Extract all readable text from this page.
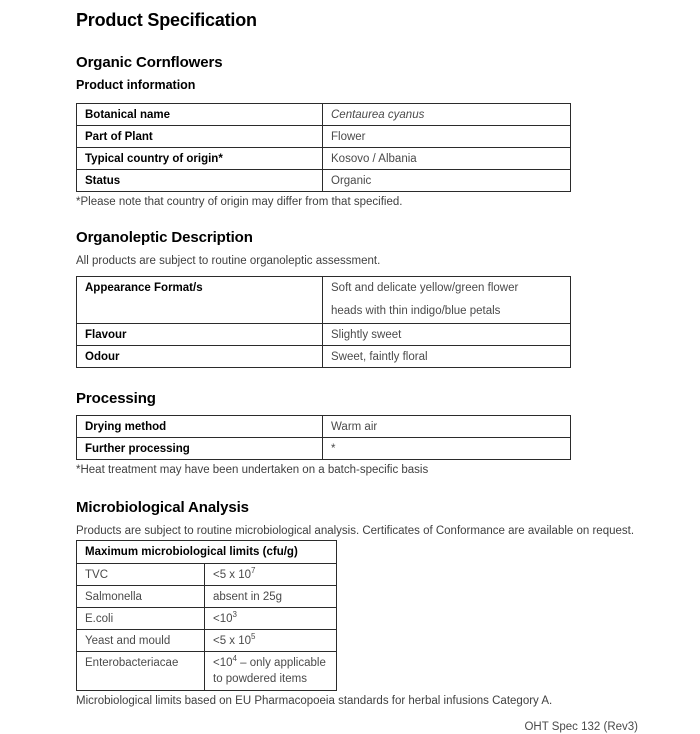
Product Specification
Organic Cornflowers
Product information
Botanical name	Centaurea cyanus
Part of Plant	Flower
Typical country of origin*	Kosovo / Albania
Status	Organic
*Please note that country of origin may differ from that specified.
Organoleptic Description
All products are subject to routine organoleptic assessment.
Appearance Format/s	Soft and delicate yellow/green flower
heads with thin indigo/blue petals

Flavour	Slightly sweet
Odour	Sweet, faintly floral
Processing
Drying method	Warm air
Further processing	*
*Heat treatment may have been undertaken on a batch-specific basis
Microbiological Analysis
Products are subject to routine microbiological analysis. Certificates of Conformance are available on request.
Maximum microbiological limits (cfu/g)	
TVC	<5 x $10^7$
Salmonella	absent in 25g
E.coli	$<10^3$
Yeast and mould	<5 x $10^5$
Enterobacteriacae	$<10^4$ – only applicable to powdered items
Microbiological limits based on EU Pharmacopoeia standards for herbal infusions Category A.
OHT Spec 132 (Rev3)
